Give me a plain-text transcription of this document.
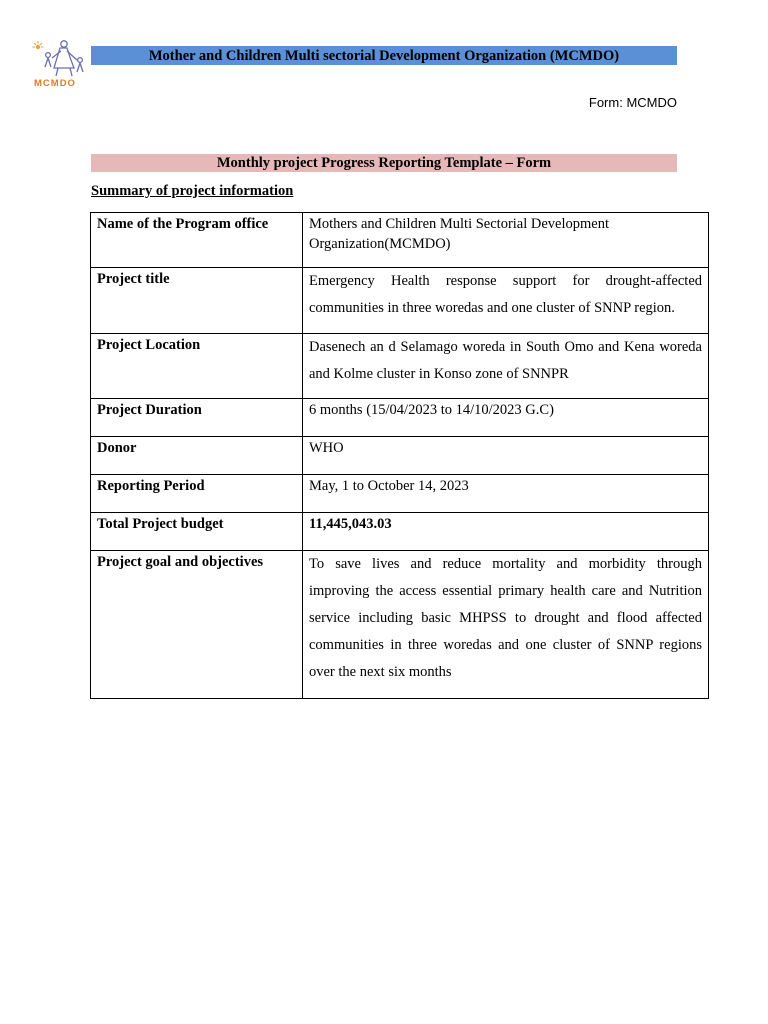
MCMDO
Mother and Children Multi sectorial Development Organization (MCMDO)
Form: MCMDO
Monthly project Progress Reporting Template – Form
Summary of project information
Name of the Program office	Mothers and Children Multi Sectorial Development Organization(MCMDO)
Project title	Emergency Health response support for drought-affected communities in three woredas and one cluster of SNNP region.
Project Location	Dasenech an d Selamago woreda in South Omo and Kena woreda and Kolme cluster in Konso zone of SNNPR
Project Duration	6 months (15/04/2023 to 14/10/2023 G.C)
Donor	WHO
Reporting Period	May, 1 to October 14, 2023
Total Project budget	11,445,043.03
Project goal and objectives	To save lives and reduce mortality and morbidity through improving the access essential primary health care and Nutrition service including basic MHPSS to drought and flood affected communities in three woredas and one cluster of SNNP regions over the next six months
